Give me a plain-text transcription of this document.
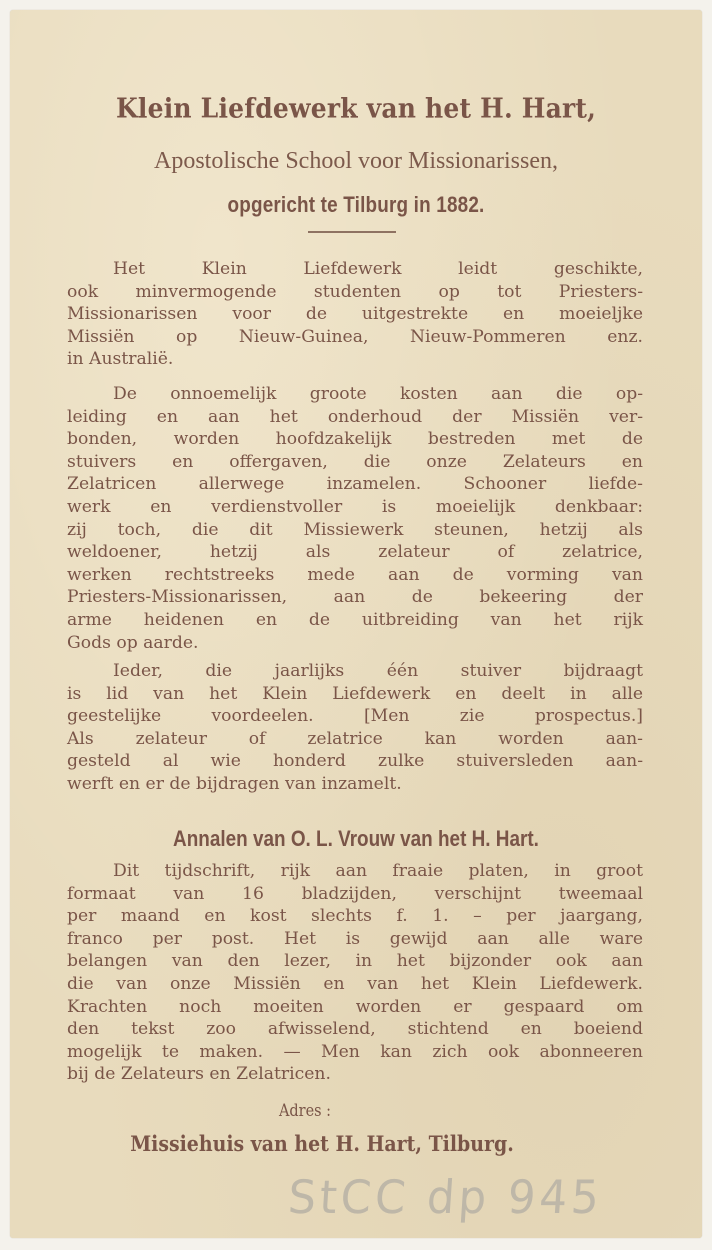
Klein Liefdewerk van het H. Hart,
Apostolische School voor Missionarissen,
opgericht te Tilburg in 1882.
Het Klein Liefdewerk leidt geschikte,
ook minvermogende studenten op tot Priesters-
Missionarissen voor de uitgestrekte en moeieljke
Missiën op Nieuw-Guinea, Nieuw-Pommeren enz.
in Australië.
De onnoemelijk groote kosten aan die op-
leiding en aan het onderhoud der Missiën ver-
bonden, worden hoofdzakelijk bestreden met de
stuivers en offergaven, die onze Zelateurs en
Zelatricen allerwege inzamelen. Schooner liefde-
werk en verdienstvoller is moeielijk denkbaar:
zij toch, die dit Missiewerk steunen, hetzij als
weldoener, hetzij als zelateur of zelatrice,
werken rechtstreeks mede aan de vorming van
Priesters-Missionarissen, aan de bekeering der
arme heidenen en de uitbreiding van het rijk
Gods op aarde.
Ieder, die jaarlijks één stuiver bijdraagt
is lid van het Klein Liefdewerk en deelt in alle
geestelijke voordeelen. [Men zie prospectus.]
Als zelateur of zelatrice kan worden aan-
gesteld al wie honderd zulke stuiversleden aan-
werft en er de bijdragen van inzamelt.
Annalen van O. L. Vrouw van het H. Hart.
Dit tijdschrift, rijk aan fraaie platen, in groot
formaat van 16 bladzijden, verschijnt tweemaal
per maand en kost slechts f. 1. – per jaargang,
franco per post. Het is gewijd aan alle ware
belangen van den lezer, in het bijzonder ook aan
die van onze Missiën en van het Klein Liefdewerk.
Krachten noch moeiten worden er gespaard om
den tekst zoo afwisselend, stichtend en boeiend
mogelijk te maken. — Men kan zich ook abonneeren
bij de Zelateurs en Zelatricen.
Adres :
Missiehuis van het H. Hart, Tilburg.
StCC dp 945
